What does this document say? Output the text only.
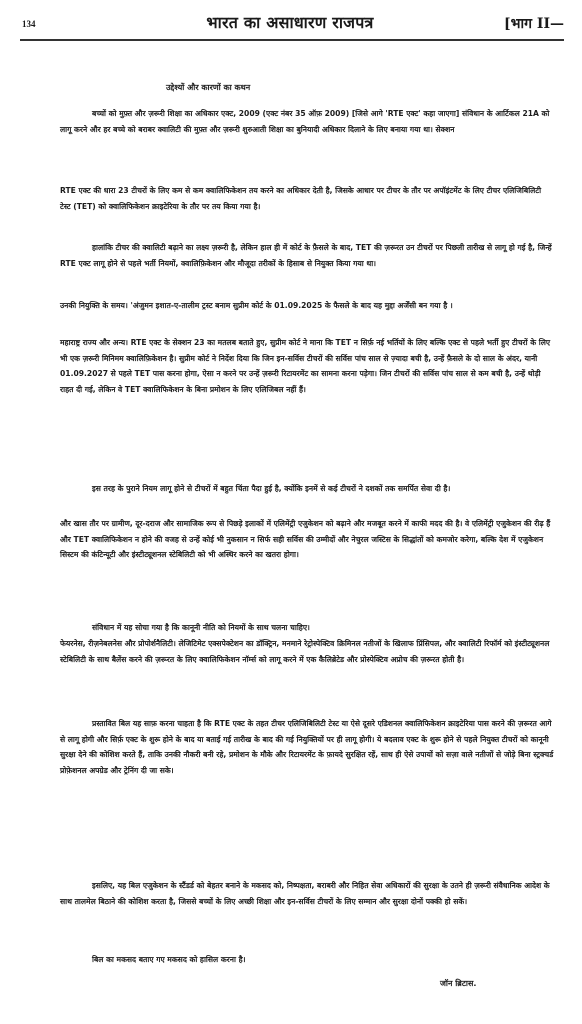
134	भारत का असाधारण राजपत्र	[भाग II—
उद्देश्यों और कारणों का कथन

बच्चों को मुफ़्त और ज़रूरी शिक्षा का अधिकार एक्ट, 2009 (एक्ट नंबर 35 ऑफ़ 2009) [जिसे आगे 'RTE एक्ट' कहा जाएगा] संविधान के आर्टिकल 21A को लागू करने और हर बच्चे को बराबर क्वालिटी की मुफ़्त और ज़रूरी शुरुआती शिक्षा का बुनियादी अधिकार दिलाने के लिए बनाया गया था। सेक्शन

RTE एक्ट की धारा 23 टीचरों के लिए कम से कम क्वालिफिकेशन तय करने का अधिकार देती है, जिसके आधार पर टीचर के तौर पर अपॉइंटमेंट के लिए टीचर एलिजिबिलिटी टेस्ट (TET) को क्वालिफिकेशन क्राइटेरिया के तौर पर तय किया गया है।

हालांकि टीचर की क्वालिटी बढ़ाने का लक्ष्य ज़रूरी है, लेकिन हाल ही में कोर्ट के फ़ैसले के बाद, TET की ज़रूरत उन टीचरों पर पिछली तारीख से लागू हो गई है, जिन्हें RTE एक्ट लागू होने से पहले भर्ती नियमों, क्वालिफ़िकेशन और मौजूदा तरीकों के हिसाब से नियुक्त किया गया था।

उनकी नियुक्ति के समय। 'अंजुमन इशात-ए-तालीम ट्रस्ट बनाम सुप्रीम कोर्ट के 01.09.2025 के फैसले के बाद यह मुद्दा अर्जेंसी बन गया है ।

महाराष्ट्र राज्य और अन्य। RTE एक्ट के सेक्शन 23 का मतलब बताते हुए, सुप्रीम कोर्ट ने माना कि TET न सिर्फ़ नई भर्तियों के लिए बल्कि एक्ट से पहले भर्ती हुए टीचरों के लिए भी एक ज़रूरी मिनिमम क्वालिफ़िकेशन है। सुप्रीम कोर्ट ने निर्देश दिया कि जिन इन-सर्विस टीचरों की सर्विस पांच साल से ज़्यादा बची है, उन्हें फ़ैसले के दो साल के अंदर, यानी 01.09.2027 से पहले TET पास करना होगा, ऐसा न करने पर उन्हें ज़रूरी रिटायरमेंट का सामना करना पड़ेगा। जिन टीचरों की सर्विस पांच साल से कम बची है, उन्हें थोड़ी राहत दी गई, लेकिन वे TET क्वालिफिकेशन के बिना प्रमोशन के लिए एलिजिबल नहीं हैं।

इस तरह के पुराने नियम लागू होने से टीचरों में बहुत चिंता पैदा हुई है, क्योंकि इनमें से कई टीचरों ने दशकों तक समर्पित सेवा दी है।

और खास तौर पर ग्रामीण, दूर-दराज और सामाजिक रूप से पिछड़े इलाकों में एलिमेंट्री एजुकेशन को बढ़ाने और मजबूत करने में काफी मदद की है। वे एलिमेंट्री एजुकेशन की रीढ़ हैं और TET क्वालिफिकेशन न होने की वजह से उन्हें कोई भी नुकसान न सिर्फ सही सर्विस की उम्मीदों और नेचुरल जस्टिस के सिद्धांतों को कमजोर करेगा, बल्कि देश में एजुकेशन सिस्टम की कंटिन्यूटी और इंस्टीट्यूशनल स्टेबिलिटी को भी अस्थिर करने का खतरा होगा।

संविधान में यह सोचा गया है कि कानूनी नीति को नियमों के साथ चलना चाहिए।

फेयरनेस, रीज़नेबलनेस और प्रोपोर्शनैलिटी। लेजिटिमेट एक्सपेक्टेशन का डॉक्ट्रिन, मनमाने रेट्रोस्पेक्टिव क्रिमिनल नतीजों के खिलाफ प्रिंसिपल, और क्वालिटी रिफॉर्म को इंस्टीट्यूशनल स्टेबिलिटी के साथ बैलेंस करने की ज़रूरत के लिए क्वालिफिकेशन नॉर्म्स को लागू करने में एक कैलिब्रेटेड और प्रोस्पेक्टिव अप्रोच की ज़रूरत होती है।

प्रस्तावित बिल यह साफ़ करना चाहता है कि RTE एक्ट के तहत टीचर एलिजिबिलिटी टेस्ट या ऐसे दूसरे एडिशनल क्वालिफिकेशन क्राइटेरिया पास करने की ज़रूरत आगे से लागू होगी और सिर्फ़ एक्ट के शुरू होने के बाद या बताई गई तारीख के बाद की गई नियुक्तियों पर ही लागू होगी। ये बदलाव एक्ट के शुरू होने से पहले नियुक्त टीचरों को कानूनी सुरक्षा देने की कोशिश करते हैं, ताकि उनकी नौकरी बनी रहे, प्रमोशन के मौके और रिटायरमेंट के फ़ायदे सुरक्षित रहें, साथ ही ऐसे उपायों को सज़ा वाले नतीजों से जोड़े बिना स्ट्रक्चर्ड प्रोफ़ेशनल अपग्रेड और ट्रेनिंग दी जा सके।

इसलिए, यह बिल एजुकेशन के स्टैंडर्ड को बेहतर बनाने के मकसद को, निष्पक्षता, बराबरी और निहित सेवा अधिकारों की सुरक्षा के उतने ही ज़रूरी संवैधानिक आदेश के साथ तालमेल बिठाने की कोशिश करता है, जिससे बच्चों के लिए अच्छी शिक्षा और इन-सर्विस टीचरों के लिए सम्मान और सुरक्षा दोनों पक्की हो सकें।

बिल का मकसद बताए गए मकसद को हासिल करना है।

जॉन ब्रिटास.
